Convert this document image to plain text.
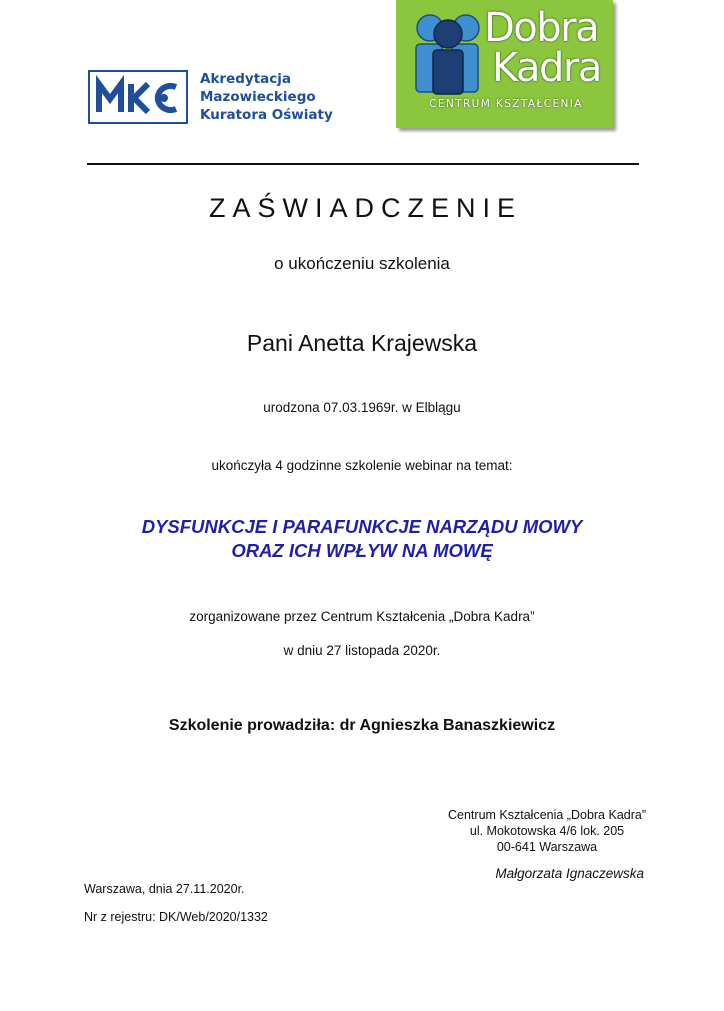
Akredytacja
Mazowieckiego
Kuratora Oświaty
Dobra
Kadra
CENTRUM KSZTAŁCENIA
ZAŚWIADCZENIE
o ukończeniu szkolenia
Pani Anetta Krajewska
urodzona 07.03.1969r. w Elblągu
ukończyła 4 godzinne szkolenie webinar na temat:
DYSFUNKCJE I PARAFUNKCJE NARZĄDU MOWY
ORAZ ICH WPŁYW NA MOWĘ
zorganizowane przez Centrum Kształcenia „Dobra Kadra”
w dniu 27 listopada 2020r.
Szkolenie prowadziła: dr Agnieszka Banaszkiewicz
Centrum Kształcenia „Dobra Kadra”
ul. Mokotowska 4/6 lok. 205
00-641 Warszawa
Małgorzata Ignaczewska
Warszawa, dnia 27.11.2020r.
Nr z rejestru: DK/Web/2020/1332
